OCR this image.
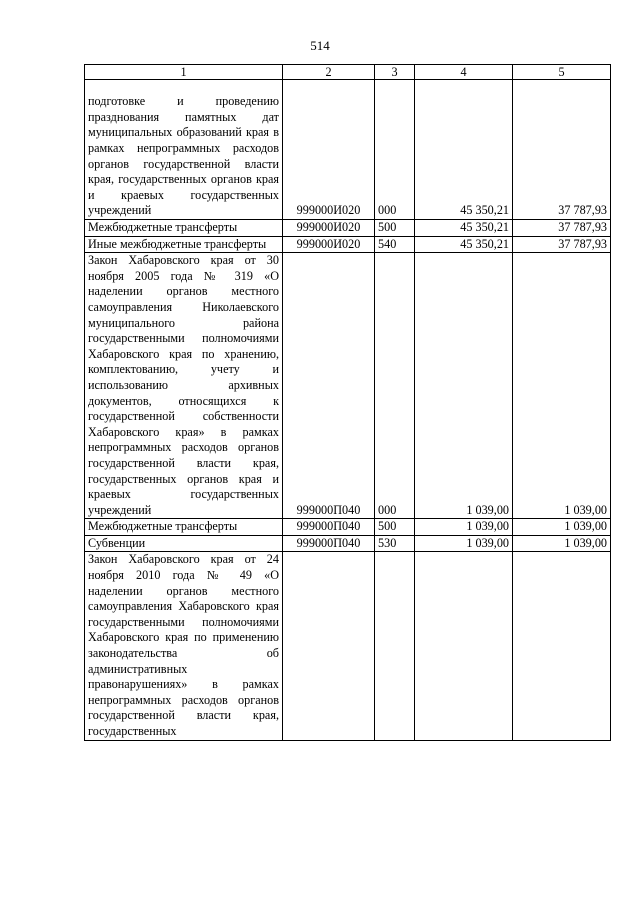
514
1	2	3	4	5
подготовке и проведению празднования памятных дат муниципальных образований края в рамках непрограммных расходов органов государственной власти края, государственных органов края и краевых государственных учреждений	999000И020	000	45 350,21	37 787,93
Межбюджетные трансферты	999000И020	500	45 350,21	37 787,93
Иные межбюджетные трансферты	999000И020	540	45 350,21	37 787,93
Закон Хабаровского края от 30 ноября 2005 года № 319 «О наделении органов местного самоуправления Николаевского муниципального района государственными полномочиями Хабаровского края по хранению, комплектованию, учету и использованию архивных документов, относящихся к государственной собственности Хабаровского края» в рамках непрограммных расходов органов государственной власти края, государственных органов края и краевых государственных учреждений	999000П040	000	1 039,00	1 039,00
Межбюджетные трансферты	999000П040	500	1 039,00	1 039,00
Субвенции	999000П040	530	1 039,00	1 039,00
Закон Хабаровского края от 24 ноября 2010 года № 49 «О наделении органов местного самоуправления Хабаровского края государственными полномочиями Хабаровского края по применению законодательства об административных правонарушениях» в рамках непрограммных расходов органов государственной власти края, государственных				
